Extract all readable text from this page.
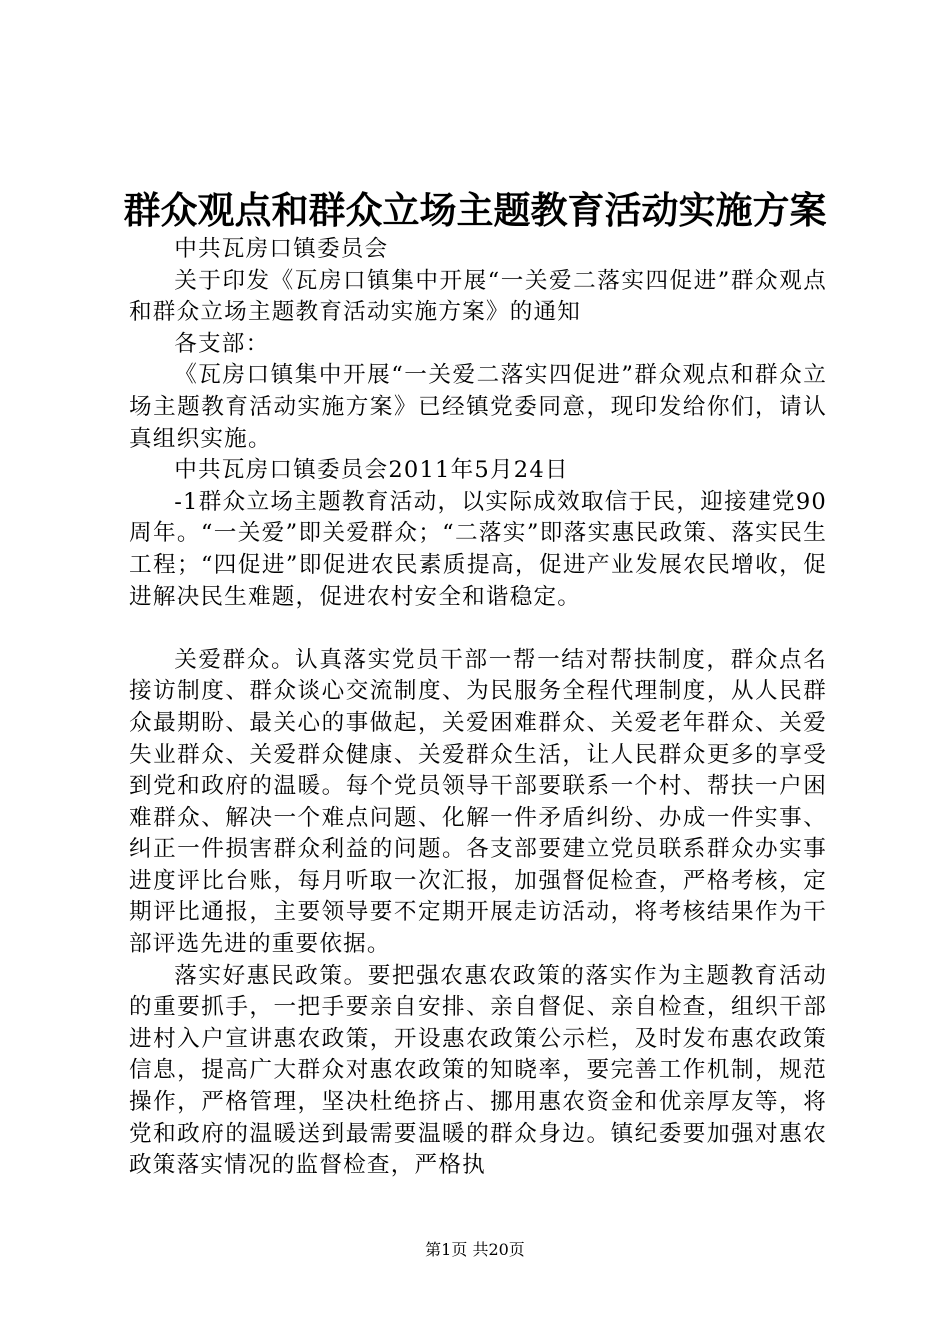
群众观点和群众立场主题教育活动实施方案

中共瓦房口镇委员会

关于印发《瓦房口镇集中开展“一关爱二落实四促进”群众观点和群众立场主题教育活动实施方案》的通知

各支部：

《瓦房口镇集中开展“一关爱二落实四促进”群众观点和群众立场主题教育活动实施方案》已经镇党委同意，现印发给你们，请认真组织实施。

中共瓦房口镇委员会2011年5月24日

-1群众立场主题教育活动，以实际成效取信于民，迎接建党90周年。“一关爱”即关爱群众；“二落实”即落实惠民政策、落实民生工程；“四促进”即促进农民素质提高，促进产业发展农民增收，促进解决民生难题，促进农村安全和谐稳定。

关爱群众。认真落实党员干部一帮一结对帮扶制度，群众点名接访制度、群众谈心交流制度、为民服务全程代理制度，从人民群众最期盼、最关心的事做起，关爱困难群众、关爱老年群众、关爱失业群众、关爱群众健康、关爱群众生活，让人民群众更多的享受到党和政府的温暖。每个党员领导干部要联系一个村、帮扶一户困难群众、解决一个难点问题、化解一件矛盾纠纷、办成一件实事、纠正一件损害群众利益的问题。各支部要建立党员联系群众办实事进度评比台账，每月听取一次汇报，加强督促检查，严格考核，定期评比通报，主要领导要不定期开展走访活动，将考核结果作为干部评选先进的重要依据。

落实好惠民政策。要把强农惠农政策的落实作为主题教育活动的重要抓手，一把手要亲自安排、亲自督促、亲自检查，组织干部进村入户宣讲惠农政策，开设惠农政策公示栏，及时发布惠农政策信息，提高广大群众对惠农政策的知晓率，要完善工作机制，规范操作，严格管理，坚决杜绝挤占、挪用惠农资金和优亲厚友等，将党和政府的温暖送到最需要温暖的群众身边。镇纪委要加强对惠农政策落实情况的监督检查，严格执

第1页 共20页
